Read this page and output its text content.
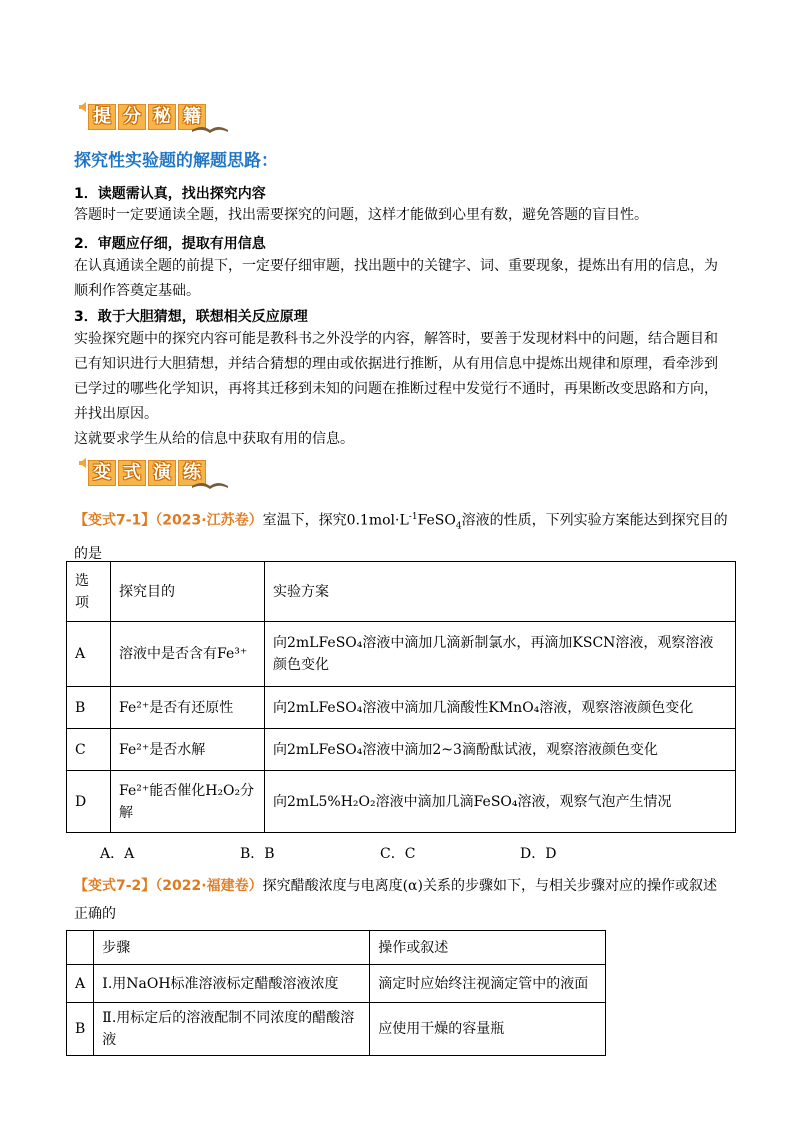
提 分 秘 籍
探究性实验题的解题思路：
1．读题需认真，找出探究内容
答题时一定要通读全题，找出需要探究的问题，这样才能做到心里有数，避免答题的盲目性。
2．审题应仔细，提取有用信息
在认真通读全题的前提下，一定要仔细审题，找出题中的关键字、词、重要现象，提炼出有用的信息，为顺利作答奠定基础。
3．敢于大胆猜想，联想相关反应原理
实验探究题中的探究内容可能是教科书之外没学的内容，解答时，要善于发现材料中的问题，结合题目和已有知识进行大胆猜想，并结合猜想的理由或依据进行推断，从有用信息中提炼出规律和原理，看牵涉到已学过的哪些化学知识，再将其迁移到未知的问题在推断过程中发觉行不通时，再果断改变思路和方向，并找出原因。
这就要求学生从给的信息中获取有用的信息。
变 式 演 练
【变式7-1】（2023·江苏卷）室温下，探究$0.1mol\cdot L^{-1}FeSO_4$溶液的性质，下列实验方案能达到探究目的的是
选项	探究目的	实验方案
A	溶液中是否含有Fe³⁺	向2mLFeSO₄溶液中滴加几滴新制氯水，再滴加KSCN溶液，观察溶液颜色变化
B	Fe²⁺是否有还原性	向2mLFeSO₄溶液中滴加几滴酸性KMnO₄溶液，观察溶液颜色变化
C	Fe²⁺是否水解	向2mLFeSO₄溶液中滴加2~3滴酚酞试液，观察溶液颜色变化
D	Fe²⁺能否催化H₂O₂分解	向2mL5%H₂O₂溶液中滴加几滴FeSO₄溶液，观察气泡产生情况
A．A	B．B	C．C	D．D
【变式7-2】（2022·福建卷）探究醋酸浓度与电离度(α)关系的步骤如下，与相关步骤对应的操作或叙述正确的
	步骤	操作或叙述
A	Ⅰ.用NaOH标准溶液标定醋酸溶液浓度	滴定时应始终注视滴定管中的液面
B	Ⅱ.用标定后的溶液配制不同浓度的醋酸溶液	应使用干燥的容量瓶
